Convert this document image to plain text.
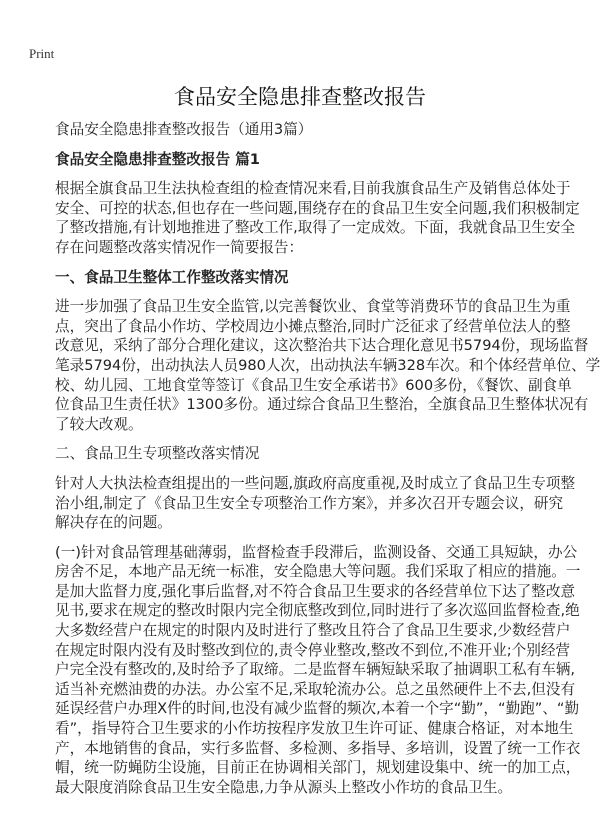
Print
食品安全隐患排查整改报告
食品安全隐患排查整改报告（通用3篇）
食品安全隐患排查整改报告 篇1
根据全旗食品卫生法执检查组的检查情况来看,目前我旗食品生产及销售总体处于
安全、可控的状态,但也存在一些问题,围绕存在的食品卫生安全问题,我们积极制定
了整改措施,有计划地推进了整改工作,取得了一定成效。下面，我就食品卫生安全
存在问题整改落实情况作一简要报告：
一、食品卫生整体工作整改落实情况
进一步加强了食品卫生安全监管,以完善餐饮业、食堂等消费环节的食品卫生为重
点，突出了食品小作坊、学校周边小摊点整治,同时广泛征求了经营单位法人的整
改意见，采纳了部分合理化建议，这次整治共下达合理化意见书5794份，现场监督
笔录5794份，出动执法人员980人次，出动执法车辆328车次。和个体经营单位、学
校、幼儿园、工地食堂等签订《食品卫生安全承诺书》600多份，《餐饮、副食单
位食品卫生责任状》1300多份。通过综合食品卫生整治，全旗食品卫生整体状况有
了较大改观。
二、食品卫生专项整改落实情况
针对人大执法检查组提出的一些问题,旗政府高度重视,及时成立了食品卫生专项整
治小组,制定了《食品卫生安全专项整治工作方案》，并多次召开专题会议，研究
解决存在的问题。
(一)针对食品管理基础薄弱，监督检查手段滞后，监测设备、交通工具短缺，办公
房舍不足，本地产品无统一标准，安全隐患大等问题。我们采取了相应的措施。一
是加大监督力度,强化事后监督,对不符合食品卫生要求的各经营单位下达了整改意
见书,要求在规定的整改时限内完全彻底整改到位,同时进行了多次巡回监督检查,绝
大多数经营户在规定的时限内及时进行了整改且符合了食品卫生要求,少数经营户
在规定时限内没有及时整改到位的,责令停业整改,整改不到位,不准开业;个别经营
户完全没有整改的,及时给予了取缔。二是监督车辆短缺采取了抽调职工私有车辆,
适当补充燃油费的办法。办公室不足,采取轮流办公。总之虽然硬件上不去,但没有
延误经营户办理X件的时间,也没有减少监督的频次,本着一个字“勤”，“勤跑”、“勤
看”，指导符合卫生要求的小作坊按程序发放卫生许可证、健康合格证，对本地生
产，本地销售的食品，实行多监督、多检测、多指导、多培训，设置了统一工作衣
帽，统一防蝇防尘设施，目前正在协调相关部门，规划建设集中、统一的加工点，
最大限度消除食品卫生安全隐患,力争从源头上整改小作坊的食品卫生。
